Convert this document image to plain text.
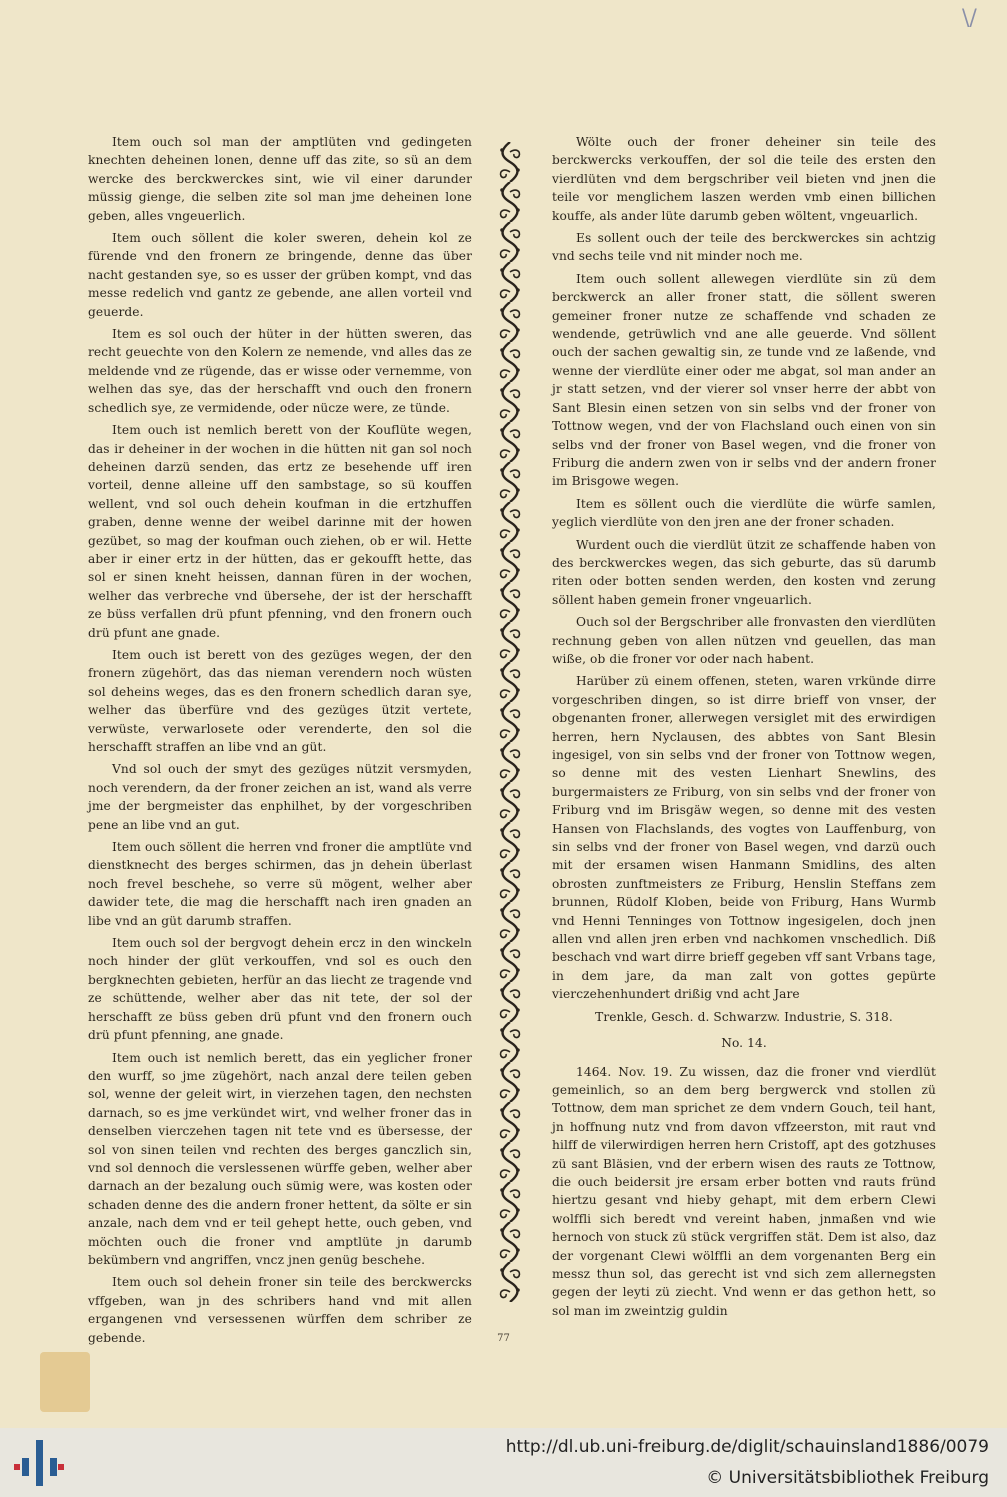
\/

Item ouch sol man der amptlüten vnd gedingeten knechten deheinen lonen, denne uff das zite, so sü an dem wercke des berckwerckes sint, wie vil einer darunder müssig gienge, die selben zite sol man jme deheinen lone geben, alles vngeuerlich.

Item ouch söllent die koler sweren, dehein kol ze fürende vnd den fronern ze bringende, denne das über nacht gestanden sye, so es usser der grüben kompt, vnd das messe redelich vnd gantz ze gebende, ane allen vorteil vnd geuerde.

Item es sol ouch der hüter in der hütten sweren, das recht geuechte von den Kolern ze nemende, vnd alles das ze meldende vnd ze rügende, das er wisse oder vernemme, von welhen das sye, das der herschafft vnd ouch den fronern schedlich sye, ze vermidende, oder nücze were, ze tünde.

Item ouch ist nemlich berett von der Kouflüte wegen, das ir deheiner in der wochen in die hütten nit gan sol noch deheinen darzü senden, das ertz ze besehende uff iren vorteil, denne alleine uff den sambstage, so sü kouffen wellent, vnd sol ouch dehein koufman in die ertzhuffen graben, denne wenne der weibel darinne mit der howen gezübet, so mag der koufman ouch ziehen, ob er wil. Hette aber ir einer ertz in der hütten, das er gekoufft hette, das sol er sinen kneht heissen, dannan füren in der wochen, welher das verbreche vnd übersehe, der ist der herschafft ze büss verfallen drü pfunt pfenning, vnd den fronern ouch drü pfunt ane gnade.

Item ouch ist berett von des gezüges wegen, der den fronern zügehört, das das nieman verendern noch wüsten sol deheins weges, das es den fronern schedlich daran sye, welher das überfüre vnd des gezüges ützit vertete, verwüste, verwarlosete oder verenderte, den sol die herschafft straffen an libe vnd an güt.

Vnd sol ouch der smyt des gezüges nützit versmyden, noch verendern, da der froner zeichen an ist, wand als verre jme der bergmeister das enphilhet, by der vorgeschriben pene an libe vnd an gut.

Item ouch söllent die herren vnd froner die amptlüte vnd dienstknecht des berges schirmen, das jn dehein überlast noch frevel beschehe, so verre sü mögent, welher aber dawider tete, die mag die herschafft nach iren gnaden an libe vnd an güt darumb straffen.

Item ouch sol der bergvogt dehein ercz in den winckeln noch hinder der glüt verkouffen, vnd sol es ouch den bergknechten gebieten, herfür an das liecht ze tragende vnd ze schüttende, welher aber das nit tete, der sol der herschafft ze büss geben drü pfunt vnd den fronern ouch drü pfunt pfenning, ane gnade.

Item ouch ist nemlich berett, das ein yeglicher froner den wurff, so jme zügehört, nach anzal dere teilen geben sol, wenne der geleit wirt, in vierzehen tagen, den nechsten darnach, so es jme verkündet wirt, vnd welher froner das in denselben vierczehen tagen nit tete vnd es übersesse, der sol von sinen teilen vnd rechten des berges ganczlich sin, vnd sol dennoch die verslessenen würffe geben, welher aber darnach an der bezalung ouch sümig were, was kosten oder schaden denne des die andern froner hettent, da sölte er sin anzale, nach dem vnd er teil gehept hette, ouch geben, vnd möchten ouch die froner vnd amptlüte jn darumb bekümbern vnd angriffen, vncz jnen genüg beschehe.

Item ouch sol dehein froner sin teile des berckwercks vffgeben, wan jn des schribers hand vnd mit allen ergangenen vnd versessenen würffen dem schriber ze gebende.

Wölte ouch der froner deheiner sin teile des berckwercks verkouffen, der sol die teile des ersten den vierdlüten vnd dem bergschriber veil bieten vnd jnen die teile vor menglichem laszen werden vmb einen billichen kouffe, als ander lüte darumb geben wöltent, vngeuarlich.

Es sollent ouch der teile des berckwerckes sin achtzig vnd sechs teile vnd nit minder noch me.

Item ouch sollent allewegen vierdlüte sin zü dem berckwerck an aller froner statt, die söllent sweren gemeiner froner nutze ze schaffende vnd schaden ze wendende, getrüwlich vnd ane alle geuerde. Vnd söllent ouch der sachen gewaltig sin, ze tunde vnd ze laßende, vnd wenne der vierdlüte einer oder me abgat, sol man ander an jr statt setzen, vnd der vierer sol vnser herre der abbt von Sant Blesin einen setzen von sin selbs vnd der froner von Tottnow wegen, vnd der von Flachsland ouch einen von sin selbs vnd der froner von Basel wegen, vnd die froner von Friburg die andern zwen von ir selbs vnd der andern froner im Brisgowe wegen.

Item es söllent ouch die vierdlüte die würfe samlen, yeglich vierdlüte von den jren ane der froner schaden.

Wurdent ouch die vierdlüt ützit ze schaffende haben von des berckwerckes wegen, das sich geburte, das sü darumb riten oder botten senden werden, den kosten vnd zerung söllent haben gemein froner vngeuarlich.

Ouch sol der Bergschriber alle fronvasten den vierdlüten rechnung geben von allen nützen vnd geuellen, das man wiße, ob die froner vor oder nach habent.

Harüber zü einem offenen, steten, waren vrkünde dirre vorgeschriben dingen, so ist dirre brieff von vnser, der obgenanten froner, allerwegen versiglet mit des erwirdigen herren, hern Nyclausen, des abbtes von Sant Blesin ingesigel, von sin selbs vnd der froner von Tottnow wegen, so denne mit des vesten Lienhart Snewlins, des burgermaisters ze Friburg, von sin selbs vnd der froner von Friburg vnd im Brisgäw wegen, so denne mit des vesten Hansen von Flachslands, des vogtes von Lauffenburg, von sin selbs vnd der froner von Basel wegen, vnd darzü ouch mit der ersamen wisen Hanmann Smidlins, des alten obrosten zunftmeisters ze Friburg, Henslin Steffans zem brunnen, Rüdolf Kloben, beide von Friburg, Hans Wurmb vnd Henni Tenninges von Tottnow ingesigelen, doch jnen allen vnd allen jren erben vnd nachkomen vnschedlich. Diß beschach vnd wart dirre brieff gegeben vff sant Vrbans tage, in dem jare, da man zalt von gottes gepürte vierczehenhundert drißig vnd acht Jare

Trenkle, Gesch. d. Schwarzw. Industrie, S. 318.

No. 14.

1464. Nov. 19. Zu wissen, daz die froner vnd vierdlüt gemeinlich, so an dem berg bergwerck vnd stollen zü Tottnow, dem man sprichet ze dem vndern Gouch, teil hant, jn hoffnung nutz vnd from davon vffzeerston, mit raut vnd hilff de vilerwirdigen herren hern Cristoff, apt des gotzhuses zü sant Bläsien, vnd der erbern wisen des rauts ze Tottnow, die ouch beidersit jre ersam erber botten vnd rauts fründ hiertzu gesant vnd hieby gehapt, mit dem erbern Clewi wolffli sich beredt vnd vereint haben, jnmaßen vnd wie hernoch von stuck zü stück vergriffen stät. Dem ist also, daz der vorgenant Clewi wölffli an dem vorgenanten Berg ein messz thun sol, das gerecht ist vnd sich zem allernegsten gegen der leyti zü ziecht. Vnd wenn er das gethon hett, so sol man im zweintzig guldin

77
http://dl.ub.uni-freiburg.de/diglit/schauinsland1886/0079
© Universitätsbibliothek Freiburg
